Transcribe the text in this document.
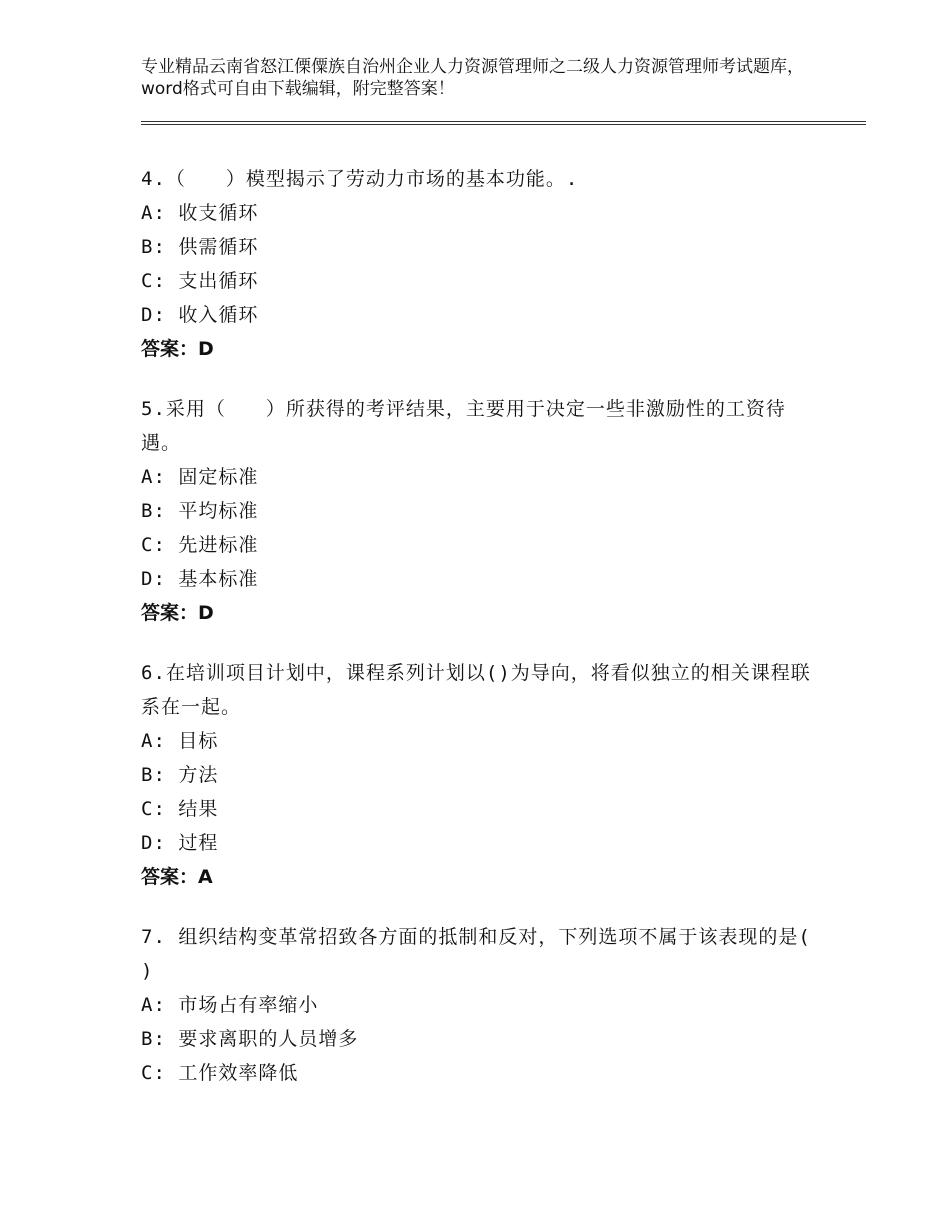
专业精品云南省怒江傈僳族自治州企业人力资源管理师之二级人力资源管理师考试题库，word格式可自由下载编辑，附完整答案！
4.（　　）模型揭示了劳动力市场的基本功能。.
A: 收支循环
B: 供需循环
C: 支出循环
D: 收入循环
答案：D
5.采用（　　）所获得的考评结果，主要用于决定一些非激励性的工资待遇。
A: 固定标准
B: 平均标准
C: 先进标准
D: 基本标准
答案：D
6.在培训项目计划中，课程系列计划以()为导向，将看似独立的相关课程联系在一起。
A: 目标
B: 方法
C: 结果
D: 过程
答案：A
7. 组织结构变革常招致各方面的抵制和反对，下列选项不属于该表现的是( )
A: 市场占有率缩小
B: 要求离职的人员增多
C: 工作效率降低
